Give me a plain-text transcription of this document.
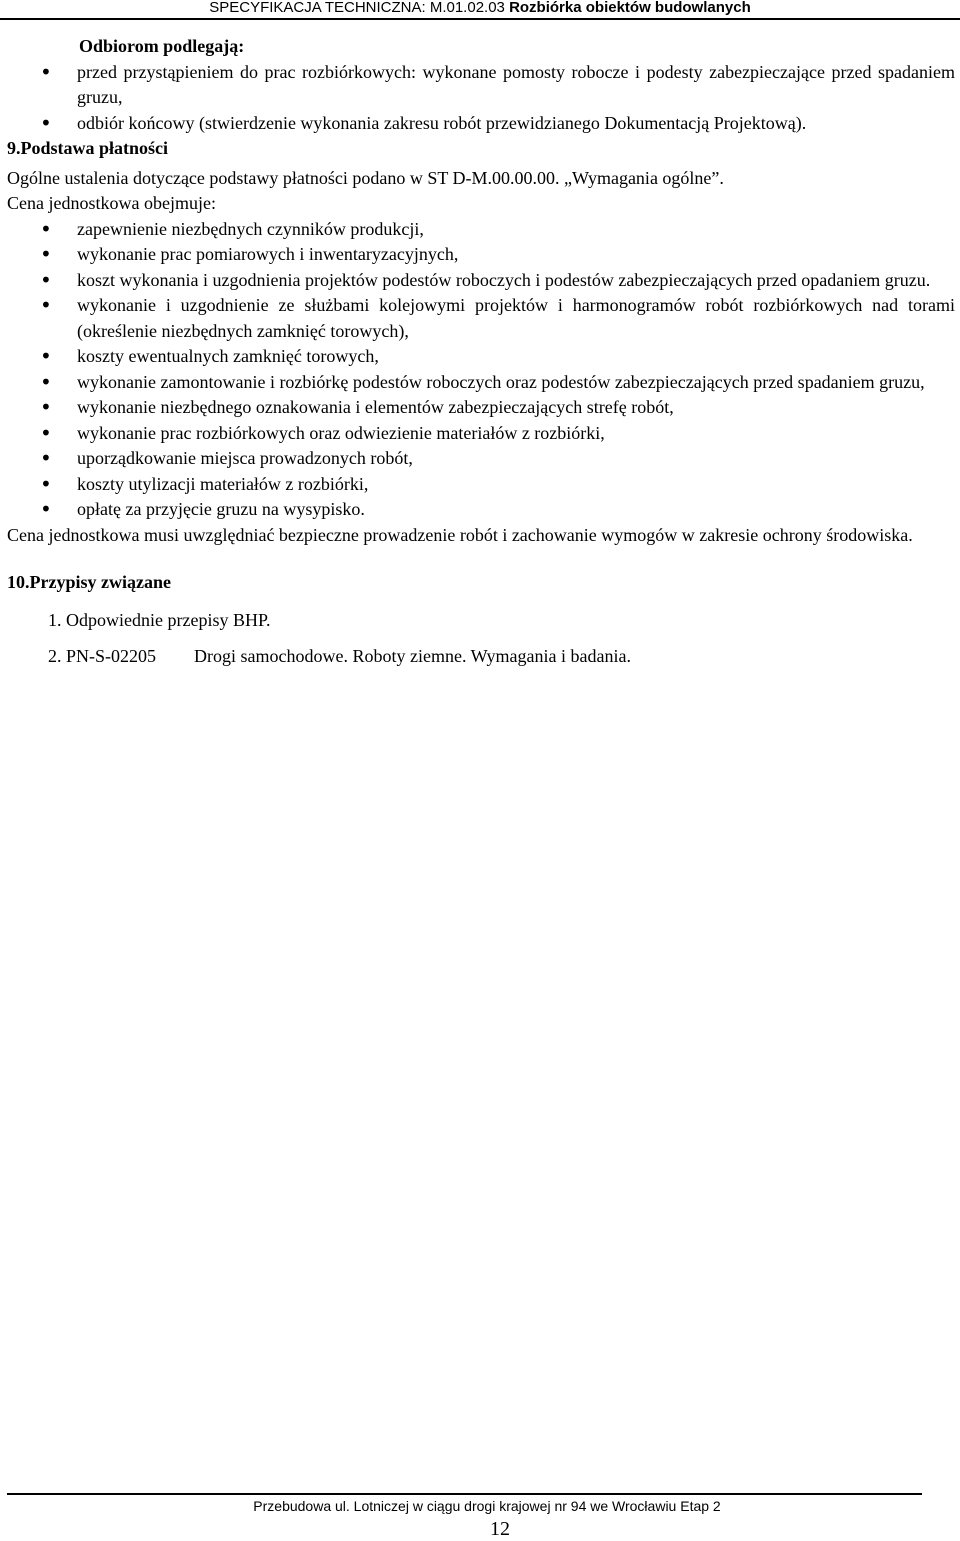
SPECYFIKACJA TECHNICZNA: M.01.02.03 Rozbiórka obiektów budowlanych

Odbiorom podlegają:

• przed przystąpieniem do prac rozbiórkowych: wykonane pomosty robocze i podesty zabezpieczające przed spadaniem gruzu,
• odbiór końcowy (stwierdzenie wykonania zakresu robót przewidzianego Dokumentacją Projektową).

9.Podstawa płatności

Ogólne ustalenia dotyczące podstawy płatności podano w ST D-M.00.00.00. „Wymagania ogólne”.

Cena jednostkowa obejmuje:

• zapewnienie niezbędnych czynników produkcji,
• wykonanie prac pomiarowych i inwentaryzacyjnych,
• koszt wykonania i uzgodnienia projektów podestów roboczych i podestów zabezpieczających przed opadaniem gruzu.
• wykonanie i uzgodnienie ze służbami kolejowymi projektów i harmonogramów robót rozbiórkowych nad torami (określenie niezbędnych zamknięć torowych),
• koszty ewentualnych zamknięć torowych,
• wykonanie zamontowanie i rozbiórkę podestów roboczych oraz podestów zabezpieczających przed spadaniem gruzu,
• wykonanie niezbędnego oznakowania i elementów zabezpieczających strefę robót,
• wykonanie prac rozbiórkowych oraz odwiezienie materiałów z rozbiórki,
• uporządkowanie miejsca prowadzonych robót,
• koszty utylizacji materiałów z rozbiórki,
• opłatę za przyjęcie gruzu na wysypisko.

Cena jednostkowa musi uwzględniać bezpieczne prowadzenie robót i zachowanie wymogów w zakresie ochrony środowiska.

10.Przypisy związane

1. Odpowiednie przepisy BHP.

2. PN-S-02205 Drogi samochodowe. Roboty ziemne. Wymagania i badania.

Przebudowa ul. Lotniczej w ciągu drogi krajowej nr 94 we Wrocławiu Etap 2
12
